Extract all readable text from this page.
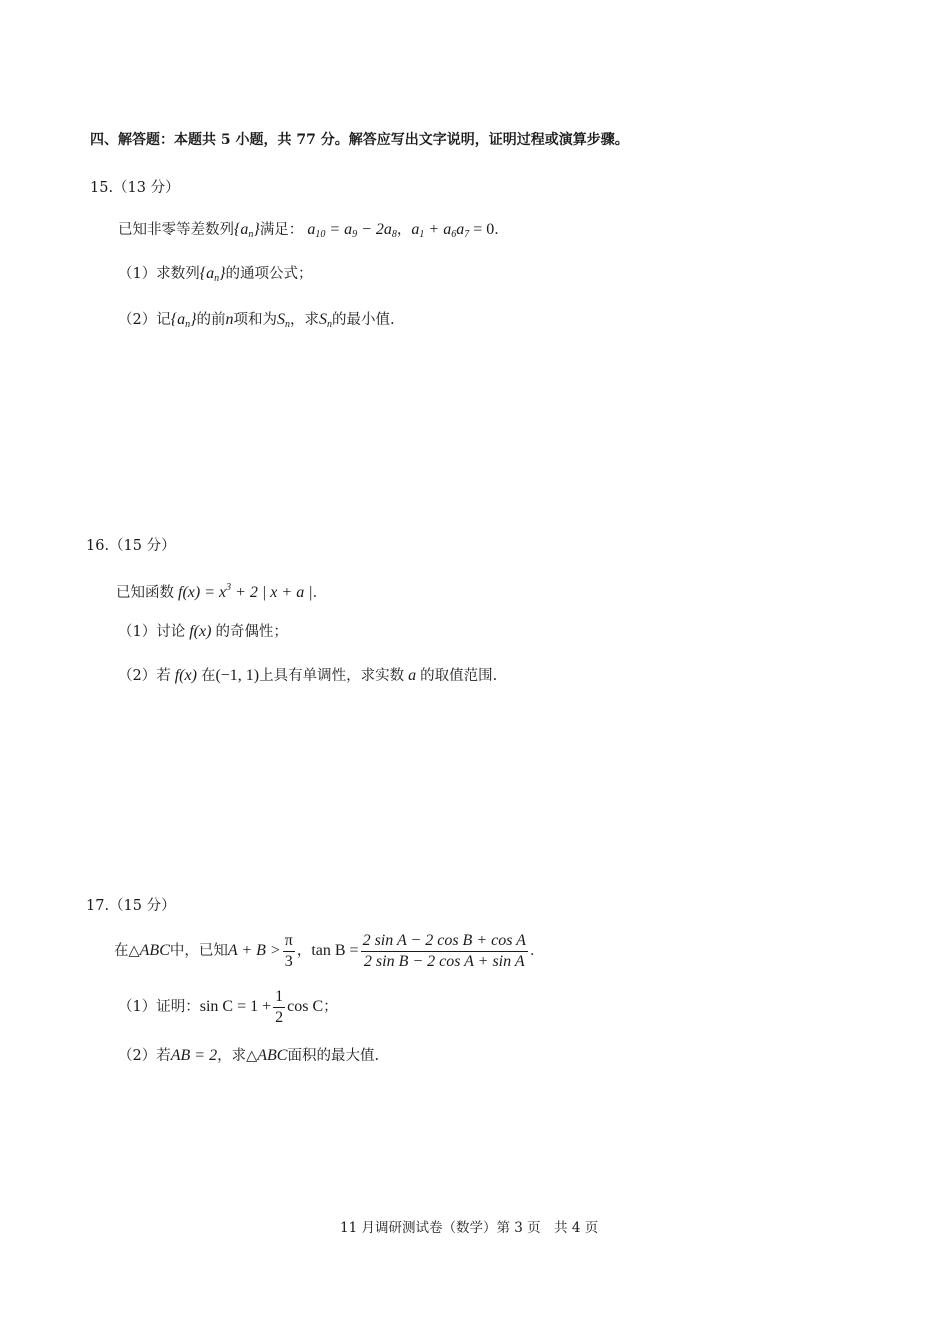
四、解答题：本题共 5 小题，共 77 分。解答应写出文字说明，证明过程或演算步骤。
15.（13 分）
已知非零等差数列$\{a_n\}$满足： $a_{10} = a_9 - 2a_8$，$a_1 + a_6a_7 = 0$．
（1）求数列$\{a_n\}$的通项公式；
（2）记$\{a_n\}$的前n项和为$S_n$，求$S_n$的最小值.
16.（15 分）
已知函数 $f(x) = x^3 + 2$ | x + a |．
（1）讨论 f(x) 的奇偶性；
（2）若 f(x) 在(−1, 1)上具有单调性，求实数 a 的取值范围.
17.（15 分）
在△ABC中，已知$A + B > \frac{\pi}{3}$ ，$\tan B = \frac{\text{2 sin A − 2 cos B + cos A}}{\text{2 sin B − 2 cos A + sin A}}$ ．
（1）证明：$\sin C = 1 + \frac{1}{2}$ cos C；
（2）若AB = 2，求△ABC面积的最大值.
11 月调研测试卷（数学）第 3 页　共 4 页
